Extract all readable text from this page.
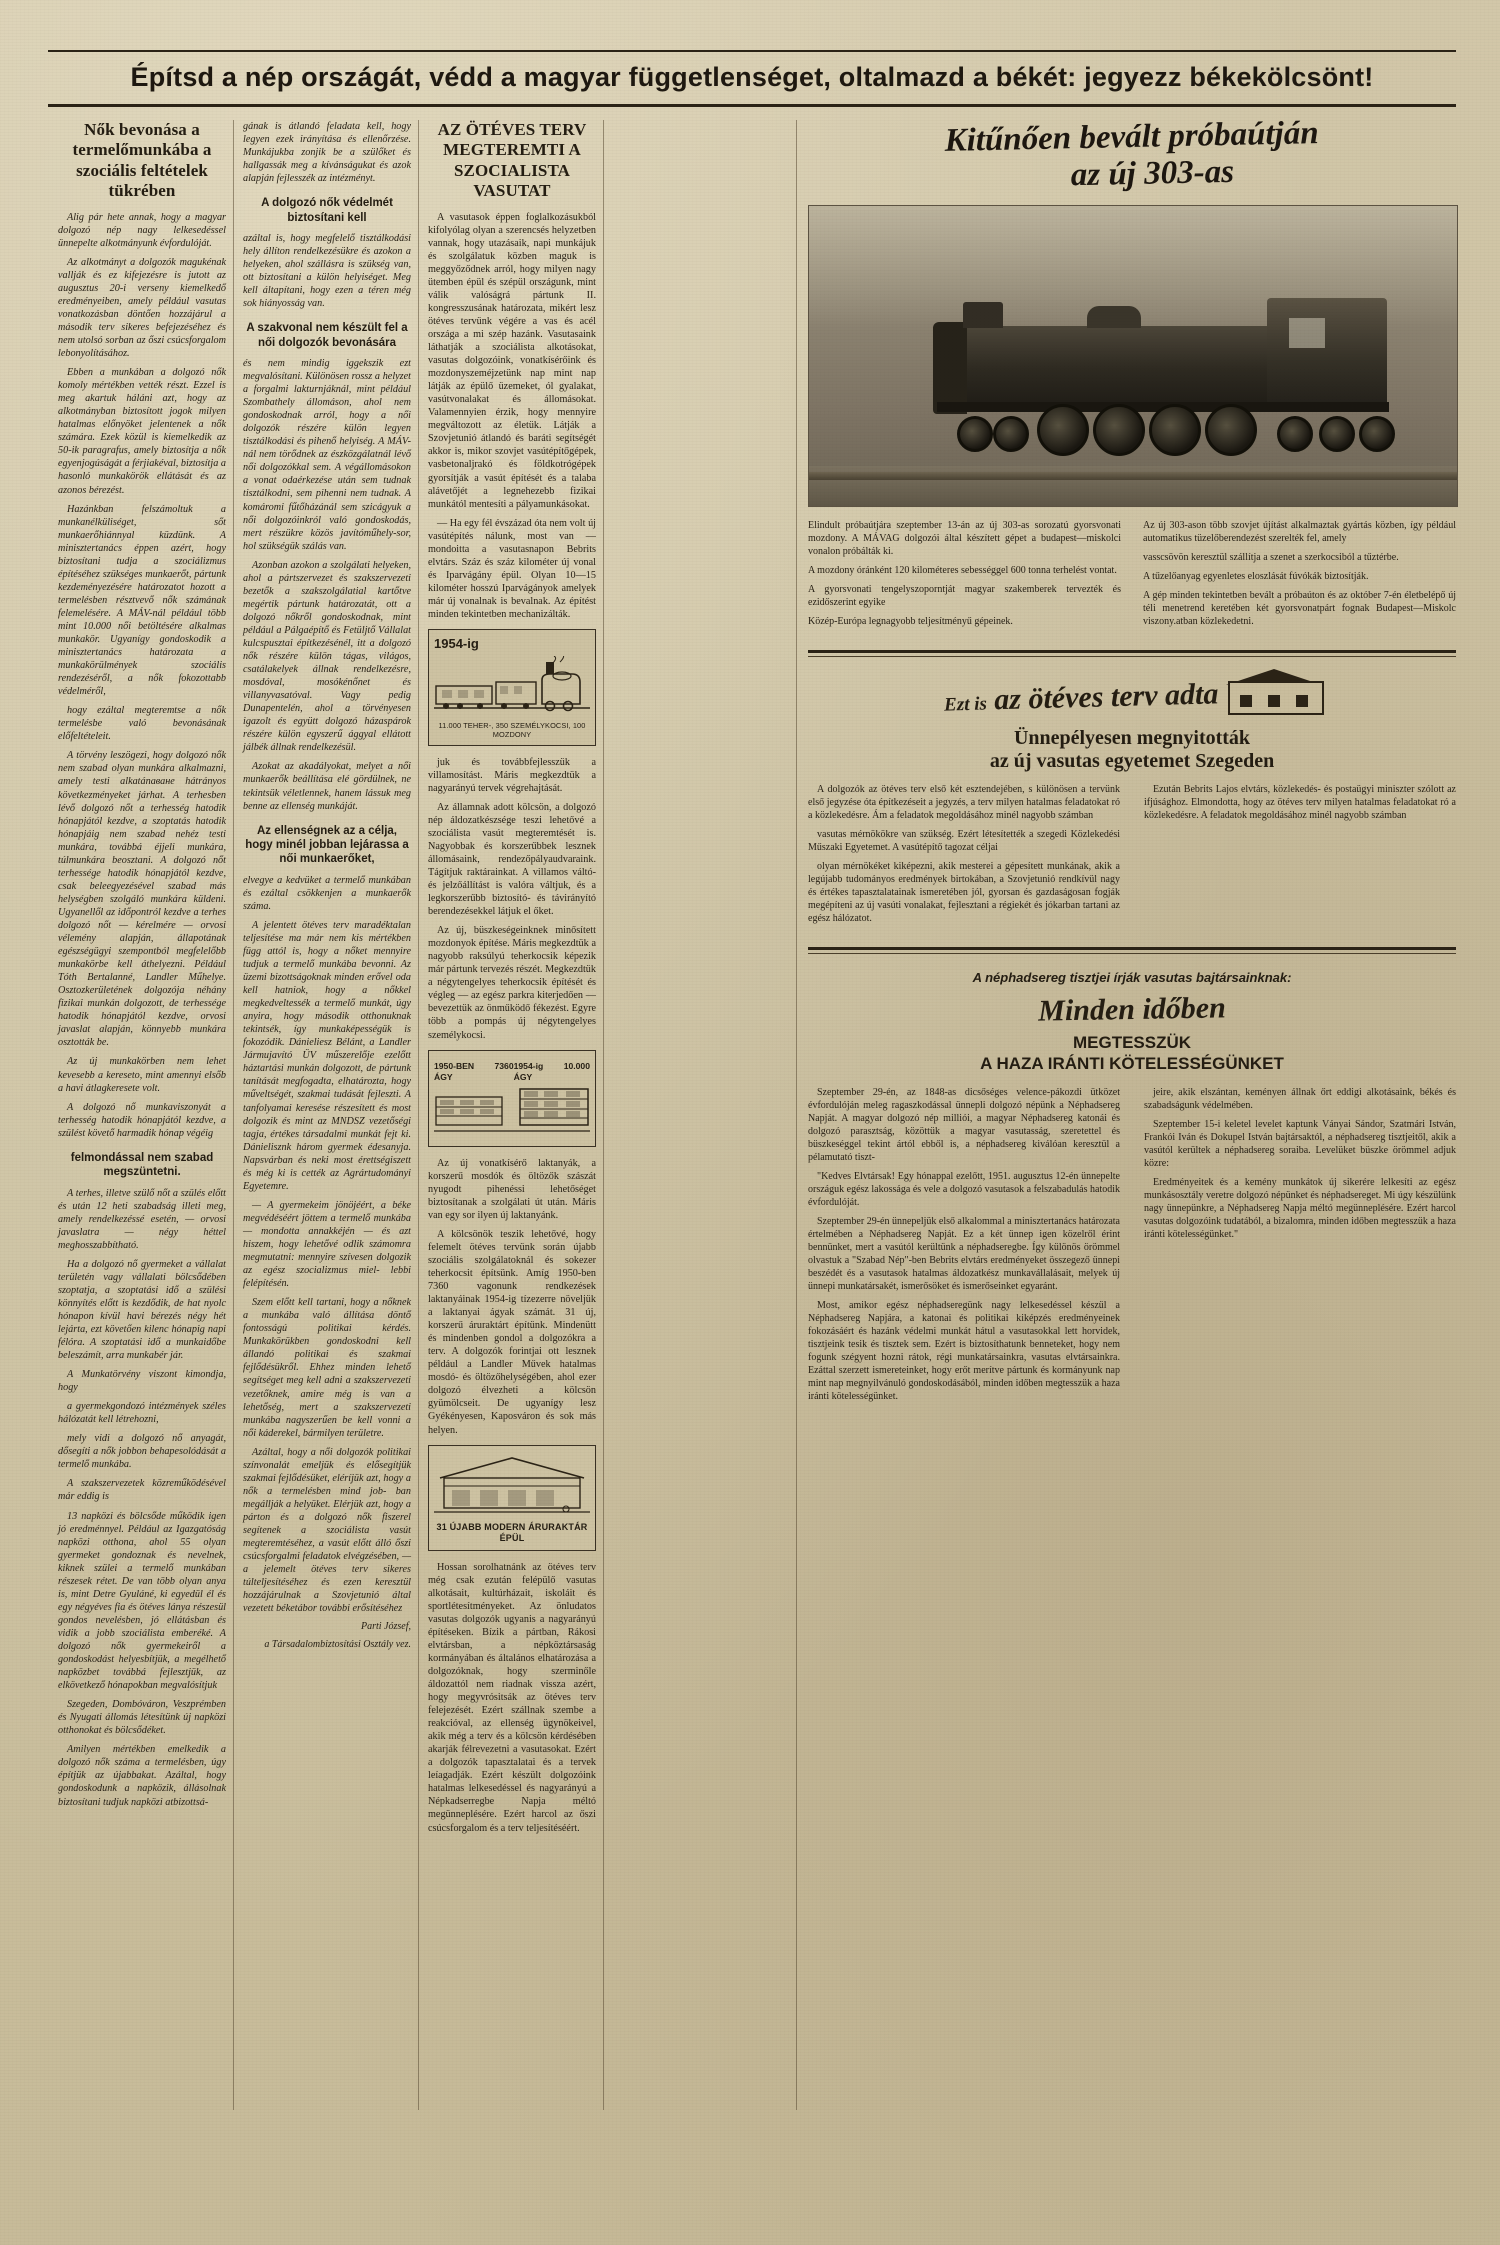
Építsd a nép országát, védd a magyar függetlenséget, oltalmazd a békét: jegyezz békekölcsönt!
Nők bevonása a termelőmunkába a szociális feltételek tükrében

Alig pár hete annak, hogy a magyar dolgozó nép nagy lelkesedéssel ünnepelte alkotmányunk évfordulóját.

Az alkotmányt a dolgozók magukénak vallják és ez kifejezésre is jutott az augusztus 20-i verseny kiemelkedő eredményeiben, amely például vasutas vonatkozásban döntően hozzájárul a második terv sikeres befejezéséhez és nem utolsó sorban az őszi csúcsforgalom lebonyolításához.

Ebben a munkában a dolgozó nők komoly mértékben vették részt. Ezzel is meg akartuk háláni azt, hogy az alkotmányban biztosított jogok milyen hatalmas előnyöket jelentenek a nők számára. Ezek közül is kiemelkedik az 50-ik paragrafus, amely biztosítja a nők egyenjogúságát a férjiakéval, biztosítja a hasonló munkakörök ellátását és az azonos bérezést.

Hazánkban felszámoltuk a munkanélküliséget, sőt munkaerőhiánnyal küzdünk. A minisztertanács éppen azért, hogy biztosítani tudja a szociálizmus építéséhez szükséges munkaerőt, pártunk kezdeményezésére határozatot hozott a termelésben résztvevő nők számának felemelésére. A MÁV-nál például több mint 10.000 női betöltésére alkalmas munkakör. Ugyanígy gondoskodik a minisztertanács határozata a munkakörülmények szociális rendezéséről, a nők fokozottabb védelméről,

hogy ezáltal megteremtse a nők termelésbe való bevonásának előfeltételeit.

A törvény leszögezi, hogy dolgozó nők nem szabad olyan munkára alkalmazni, amely testi alkatánaване hátrányos következményeket járhat. A terhesben lévő dolgozó nőt a terhesség hatodik hónapjától kezdve, a szoptatás hatodik hónapjáig nem szabad nehéz testi munkára, továbbá éjjeli munkára, túlmunkára beosztani. A dolgozó nőt terhessége hatodik hónapjától kezdve, csak beleegyezésével szabad más helységben szolgáló munkára küldeni. Ugyanellől az időpontról kezdve a terhes dolgozó nőt — kérelmére — orvosi vélemény alapján, állapotának egészségügyi szempontból megfelelőbb munkakörbe kell áthelyezni. Például Tóth Bertalanné, Landler Műhelye. Osztozkerületének dolgozója néhány fizikai munkán dolgozott, de terhessége hatodik hónapjától kezdve, orvosi javaslat alapján, könnyebb munkára osztották be.

Az új munkakörben nem lehet kevesebb a kereseto, mint amennyi elsőb a havi átlagkeresete volt.

A dolgozó nő munkaviszonyát a terhesség hatodik hónapjától kezdve, a szülést követő harmadik hónap végéig

felmondással nem szabad megszüntetni.

A terhes, illetve szülő nőt a szülés előtt és után 12 heti szabadság illeti meg, amely rendelkezéssé esetén, — orvosi javaslatra — négy héttel meghosszabbítható.

Ha a dolgozó nő gyermeket a vállalat területén vagy vállalati bölcsődében szoptatja, a szoptatási idő a szülési könnyítés előtt is kezdődik, de hat nyolc hónapon kívül havi bérezés négy hét lejárta, ezt követően kilenc hónapig napi félóra. A szoptatási idő a munkaidőbe beleszámít, arra munkabér jár.

A Munkatörvény viszont kimondja, hogy

a gyermekgondozó intézmények széles hálózatát kell létrehozni,

mely vidi a dolgozó nő anyagát, dősegíti a nők jobbon behapesolódását a termelő munkába.

A szakszervezetek közreműködésével már eddig is

13 napközi és bölcsőde működik igen jó eredménnyel. Például az Igazgatóság napközi otthona, ahol 55 olyan gyermeket gondoznak és nevelnek, kiknek szülei a termelő munkában részesek rétet. De van több olyan anya is, mint Detre Gyuláné, ki egyedül él és egy négyéves fia és ötéves lánya részesül gondos nevelésben, jó ellátásban és vidik a jobb szociálista emberéké. A dolgozó nők gyermekeiről a gondoskodást helyesbítjük, a megélhető napközbet továbbá fejlesztjük, az elkövetkező hónapokban megvalósítjuk

Szegeden, Dombóváron, Veszprémben és Nyugati állomás létesítünk új napközi otthonokat és bölcsődéket.

Amilyen mértékben emelkedik a dolgozó nők száma a termelésben, úgy építjük az újabbakat. Azáltal, hogy gondoskodunk a napközik, állásolnak biztosítani tudjuk napközi atbizottsá-

gának is átlandó feladata kell, hogy legyen ezek irányítása és ellenőrzése. Munkájukba zonjik be a szülőket és hallgassák meg a kívánságukat és azok alapján fejlesszék az intézményt.

A dolgozó nők védelmét biztosítani kell

azáltal is, hogy megfelelő tisztálkodási hely állíton rendelkezésükre és azokon a helyeken, ahol szállásra is szükség van, ott biztosítani a külön helyiséget. Meg kell áltapítani, hogy ezen a téren még sok hiányosság van.

A szakvonal nem készült fel a női dolgozók bevonására

és nem mindig iggekszik ezt megvalósítani. Különösen rossz a helyzet a forgalmi lakturnjáknál, mint például Szombathely állomáson, ahol nem gondoskodnak arról, hogy a női dolgozók részére külön legyen tisztálkodási és pihenő helyiség. A MÁV-nál nem törődnek az észközgálatnál lévő női dolgozókkal sem. A végállomásokon a vonat odaérkezése után sem tudnak tisztálkodni, sem pihenni nem tudnak. A komáromi fűtőházánál sem szicágyuk a női dolgozóinkról való gondoskodás, mert részükre közös javítóműhely-sor, hol szükségük szálás van.

Azonban azokon a szolgálati helyeken, ahol a pártszervezet és szakszervezeti bezetők a szakszolgálatial kartőtve megértik pártunk határozatát, ott a dolgozó nőkről gondoskodnak, mint például a Pálgaépítő és Fetüljtő Vállalat kulcspusztai építkezésénél, itt a dolgozó nők részére külön tágas, világos, csatálakelyek állnak rendelkezésre, mosdóval, mosókénőnet és villanyvasatóval. Vagy pedig Dunapentelén, ahol a törvényesen igazolt és együtt dolgozó házaspárok részére külön egyszerű ággyal ellátott jálbék állnak rendelkezésül.

Azokat az akadályokat, melyet a női munkaerők beállítása elé gördülnek, ne tekintsük véletlennek, hanem lássuk meg benne az ellenség munkáját.

Az ellenségnek az a célja, hogy minél jobban lejárassa a női munkaerőket,

elvegye a kedvüket a termelő munkában és ezáltal csökkenjen a munkaerők száma.

A jelentett ötéves terv maradéktalan teljesítése ma már nem kis mértékben függ attól is, hogy a nőket mennyire tudjuk a termelő munkába bevonni. Az üzemi bizottságoknak minden erővel oda kell hatniok, hogy a nőkkel megkedveltessék a termelő munkát, úgy anyira, hogy második otthonuknak tekintsék, így munkaképességük is fokozódik. Dánieliesz Bélánt, a Landler Jármujavító ÜV műszerelője ezelőtt háztartási munkán dolgozott, de pártunk tanítását megfogadta, elhatározta, hogy műveltségét, szakmai tudását fejleszti. A tanfolyamai keresése részesített és most dolgozik és mint az MNDSZ vezetőségi tagja, értékes társadalmi munkát fejt ki. Dánielisznk három gyermek édesanyja. Napsvárban és neki most érettségiszett és még ki is cették az Agrártudományi Egyetemre.

— A gyermekeim jönöjéért, a béke megvédéséért jöttem a termelő munkába — mondotta annakkéjén — és azt hiszem, hogy lehetővé odlik számomra megmutatni: mennyire szívesen dolgozik az egész szocializmus miel- lebbi felépítésén.

Szem előtt kell tartani, hogy a nőknek a munkába való állítása döntő fontosságú politikai kérdés. Munkakörükben gondoskodni kell állandó politikai és szakmai fejlődésükről. Ehhez minden lehető segítséget meg kell adni a szakszervezeti vezetőknek, amire még is van a lehetőség, mert a szakszervezeti munkába nagyszerűen be kell vonni a női káderekel, bármilyen területre.

Azáltal, hogy a női dolgozók politikai színvonalát emeljük és elősegítjük szakmai fejlődésüket, eléríjük azt, hogy a nők a termelésben mind job- ban megállják a helyüket. Elérjük azt, hogy a párton és a dolgozó nők fiszerel segítenek a szociálista vasút megteremtéséhez, a vasút előtt álló őszi csúcsforgalmi feladatok elvégzésében, — a jelemelt ötéves terv sikeres túlteljesítéséhez és ezen keresztül hozzájárulnak a Szovjetunió által vezetett béketábor további erősítéséhez

Parti József,
a Társadalombiztosítási Osztály vez.
AZ ÖTÉVES TERV MEGTEREMTI A SZOCIALISTA VASUTAT

A vasutasok éppen foglalkozásukból kifolyólag olyan a szerencsés helyzetben vannak, hogy utazásaik, napi munkájuk és szolgálatuk közben maguk is meggyőződnek arról, hogy milyen nagy ütemben épül és szépül országunk, mint válik valóságrá pártunk II. kongresszusának határozata, mikért lesz ötéves tervünk végére a vas és acél országa a mi szép hazánk. Vasutasaink láthatják a szociálista alkotásokat, vasutas dolgozóink, vonatkísérőink és mozdonyszeméjzetünk nap mint nap látják az épülő üzemeket, ól gyalakat, vasútvonalakat és állomásokat. Valamennyien érzik, hogy mennyire megváltozott az életük. Látják a Szovjetunió átlandó és baráti segítségét akkor is, mikor szovjet vasútépítőgépek, vasbetonaljrakó és földkotrógépek gyorsítják a vasút építését és a talaba alávetőjét a legnehezebb fizikai munkától mentesíti a pályamunkásokat.

— Ha egy fél évszázad óta nem volt új vasútépítés nálunk, most van — mondoitta a vasutasnapon Bebrits elvtárs. Száz és száz kilométer új vonal és Iparvágány épül. Olyan 10—15 kilométer hosszú Iparvágányok amelyek már új vonalnak is bevalnak. Az építést minden tekintetben mechanizálták.

1954-ig
11.000 TEHER-, 350 SZEMÉLYKOCSI, 100 MOZDONY

juk és továbbfejlesszük a villamosítást. Máris megkezdtük a nagyarányú tervek végrehajtását.

Az államnak adott kölcsön, a dolgozó nép áldozatkészsége teszi lehetővé a szociálista vasút megteremtését is. Nagyobbak és korszerűbbek lesznek állomásaink, rendezőpályaudvaraink. Tágítjuk raktárainkat. A villamos váltó- és jelzőállítást is valóra váltjuk, és a legkorszerűbb biztosító- és távirányító berendezésekkel látjuk el őket.

Az új, büszkeségeinknek minősített mozdonyok építése. Máris megkezdtük a nagyobb raksúlyú teherkocsik képezik már pártunk tervezés részét. Megkezdtük a négytengelyes teherkocsik építését és végleg — az egész parkra kiterjedően — bevezettük az önműködő fékezést. Egyre több a pompás új négytengelyes személykocsi.

1950-BEN 7360 ÁGY
1954-ig 10.000 ÁGY

Az új vonatkísérő laktanyák, a korszerű mosdók és öltözők szászát nyugodt pihenéssi lehetőséget biztosítanak a szolgálati út után. Máris van egy sor ilyen új laktanyánk.

A kölcsönök teszik lehetővé, hogy felemelt ötéves tervünk során újabb szociális szolgálatoknál és sokezer teherkocsit építsünk. Amíg 1950-ben 7360 vagonunk rendkezések laktanyáinak 1954-ig tízezerre növeljük a laktanyai ágyak számát. 31 új, korszerű áruraktárt építünk. Mindenütt és mindenben gondol a dolgozókra a terv. A dolgozók forintjai ott lesznek például a Landler Művek hatalmas mosdó- és öltözőhelységében, ahol ezer dolgozó élvezheti a kölcsön gyümölcseit. De ugyanígy lesz Gyékényesen, Kaposváron és sok más helyen.

31 ÚJABB MODERN ÁRURAKTÁR ÉPÜL

Hossan sorolhatnánk az ötéves terv még csak ezután felépülő vasutas alkotásait, kultúrházait, iskoláit és sportlétesítményeket. Az önludatos vasutas dolgozók ugyanis a nagyarányú építéseken. Bízik a pártban, Rákosi elvtársban, a népköztársaság kormányában és általános elhatározása a dolgozóknak, hogy szerminőle áldozattól nem riadnak vissza azért, hogy megyvrósitsák az ötéves terv felejezését. Ezért szállnak szembe a reakcióval, az ellenség ügynökeivel, akik még a terv és a kölcsön kérdésében akarják félrevezetni a vasutasokat. Ezért a dolgozók tapasztalatai és a tervek leíagadják. Ezért készült dolgozóink hatalmas lelkesedéssel és nagyarányú a Népkadserregbe Napja méltó megünneplésére. Ezért harcol az őszi csúcsforgalom és a terv teljesítéséért.

Kitűnően bevált próbaútján
az új 303-as

Elindult próbaútjára szeptember 13-án az új 303-as sorozatú gyorsvonati mozdony. A MÁVAG dolgozói által készített gépet a budapest—miskolci vonalon próbálták ki.

A mozdony óránként 120 kilométeres sebességgel 600 tonna terhelést vontat.

A gyorsvonati tengelyszoporntját magyar szakemberek tervezték és ezidőszerint egyike

Közép-Európa legnagyobb teljesítményű gépeinek.

Az új 303-ason több szovjet újítást alkalmaztak gyártás közben, így például automatikus tüzelőberendezést szerelték fel, amely

vasscsövön keresztül szállítja a szenet a szerkocsiból a tűztérbe.

A tűzelőanyag egyenletes eloszlását fúvókák biztosítják.

A gép minden tekintetben bevált a próbaúton és az október 7-én életbelépő új téli menetrend keretében két gyorsvonatpárt fognak Budapest—Miskolc viszony.atban közlekedetni.

Ezt is az ötéves terv adta
Ünnepélyesen megnyitották
az új vasutas egyetemet Szegeden

A dolgozók az ötéves terv első két esztendejében, s különösen a tervünk első jegyzése óta építkezéseit a jegyzés, a terv milyen hatalmas feladatokat ró a közlekedésre. Ám a feladatok megoldásához minél nagyobb számban

vasutas mérnökökre van szükség. Ezért létesítették a szegedi Közlekedési Műszaki Egyetemet. A vasútépítő tagozat céljai

olyan mérnökéket kiképezni, akik mesterei a gépesített munkának, akik a legújabb tudományos eredmények birtokában, a Szovjetunió rendkívül nagy és értékes tapasztalatainak ismeretében jól, gyorsan és gazdaságosan fogják megépíteni az új vasúti vonalakat, fejlesztani a régiekét és jókarban tartani az egész hálózatot.

Ezután Bebrits Lajos elvtárs, közlekedés- és postaügyi miniszter szólott az ifjúsághoz. Elmondotta, hogy az ötéves terv milyen hatalmas feladatokat ró a közlekedésre. A feladatok megoldásához minél nagyobb számban

A néphadsereg tisztjei írják vasutas bajtársainknak:
Minden időben
MEGTESSZÜK
A HAZA IRÁNTI KÖTELESSÉGÜNKET

Szeptember 29-én, az 1848-as dicsőséges velence-pákozdi ütközet évfordulóján meleg ragaszkodással ünnepli dolgozó népünk a Néphadsereg Napját. A magyar dolgozó nép milliói, a magyar Néphadsereg katonái és dolgozó parasztság, közöttük a magyar vasutasság, szeretettel és büszkeséggel tekint ártól ebből is, a néphadsereg kiválóan keresztül a pélamutató tiszt-

"Kedves Elvtársak! Egy hónappal ezelőtt, 1951. augusztus 12-én ünnepelte országuk egész lakossága és vele a dolgozó vasutasok a felszabadulás hatodik évfordulóját.

Szeptember 29-én ünnepeljük első alkalommal a minisztertanács határozata értelmében a Néphadsereg Napját. Ez a két ünnep igen közelről érint bennünket, mert a vasútól kerültünk a néphadseregbe. Így különös örömmel olvastuk a "Szabad Nép"-ben Bebrits elvtárs eredményeket összegező ünnepi beszédét és a vasutasok hatalmas áldozatkész munkavállalásait, melyek új ünnepi munkatársakét, ismerősöket és ismerőseinket egyaránt.

Most, amikor egész néphadseregünk nagy lelkesedéssel készül a Néphadsereg Napjára, a katonai és politikai kiképzés eredményeinek fokozásáért és hazánk védelmi munkát hátul a vasutasokkal lett horvidek, tisztjeink tesik és tisztek sem. Ezért is biztosíthatunk benneteket, hogy nem fogunk szégyent hozni rátok, régi munkatársainkra, vasutas elvtársainkra. Ezáttal szerzett ismereteinket, hogy erőt merítve pártunk és kormányunk nap mint nap megnyilvánuló gondoskodásából, minden időben megtesszük a haza iránti kötelességünket.

jeire, akik elszántan, keményen állnak őrt eddigi alkotásaink, békés és szabadságunk védelmében.

Szeptember 15-i keletel levelet kaptunk Ványai Sándor, Szatmári István, Frankói Iván és Dokupel István bajtársaktól, a néphadsereg tisztjeitől, akik a vasútól kerültek a néphadsereg soraiba. Levelüket büszke örömmel adjuk közre:

Eredményeitek és a kemény munkátok új sikerére lelkesíti az egész munkásosztály veretre dolgozó népünket és néphadsereget. Mi úgy készülünk nagy ünnepünkre, a Néphadsereg Napja méltó megünneplésére. Ezért harcol vasutas dolgozóink tudatából, a bizalomra, minden időben megtesszük a haza iránti kötelességünket."
